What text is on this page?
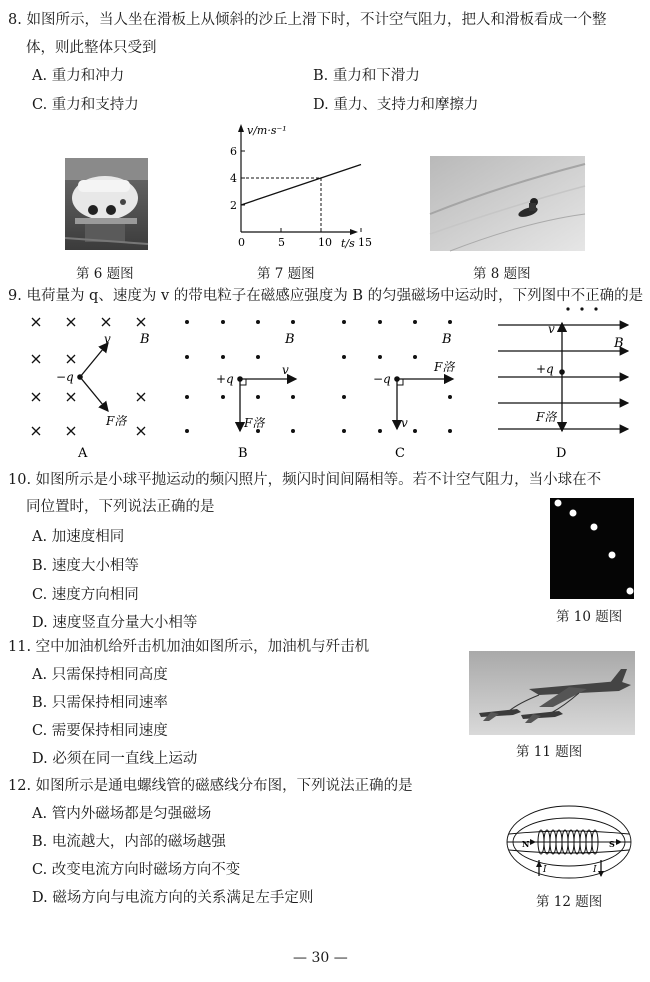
8. 如图所示，当人坐在滑板上从倾斜的沙丘上滑下时，不计空气阻力，把人和滑板看成一个整
体，则此整体只受到
A. 重力和冲力	B. 重力和下滑力
C. 重力和支持力	D. 重力、支持力和摩擦力
第 6 题图
0	5	10 15
2
4
6
v/m·s⁻¹
t/s
第 7 题图	第 8 题图
9. 电荷量为 q、速度为 v 的带电粒子在磁感应强度为 B 的匀强磁场中运动时，下列图中不正确的是
B
v
−q
F洛
A
B
v
+q
F洛
B
B
F洛
−q
v
C
v
B
+q
F洛
D
10. 如图所示是小球平抛运动的频闪照片，频闪时间间隔相等。若不计空气阻力，当小球在不
同位置时，下列说法正确的是
A. 加速度相同
B. 速度大小相等
C. 速度方向相同
D. 速度竖直分量大小相等	第 10 题图
11. 空中加油机给歼击机加油如图所示，加油机与歼击机
A. 只需保持相同高度
B. 只需保持相同速率
C. 需要保持相同速度
D. 必须在同一直线上运动	第 11 题图
12. 如图所示是通电螺线管的磁感线分布图，下列说法正确的是
A. 管内外磁场都是匀强磁场
B. 电流越大，内部的磁场越强
C. 改变电流方向时磁场方向不变
D. 磁场方向与电流方向的关系满足左手定则
N	S
I	I
第 12 题图
— 30 —
